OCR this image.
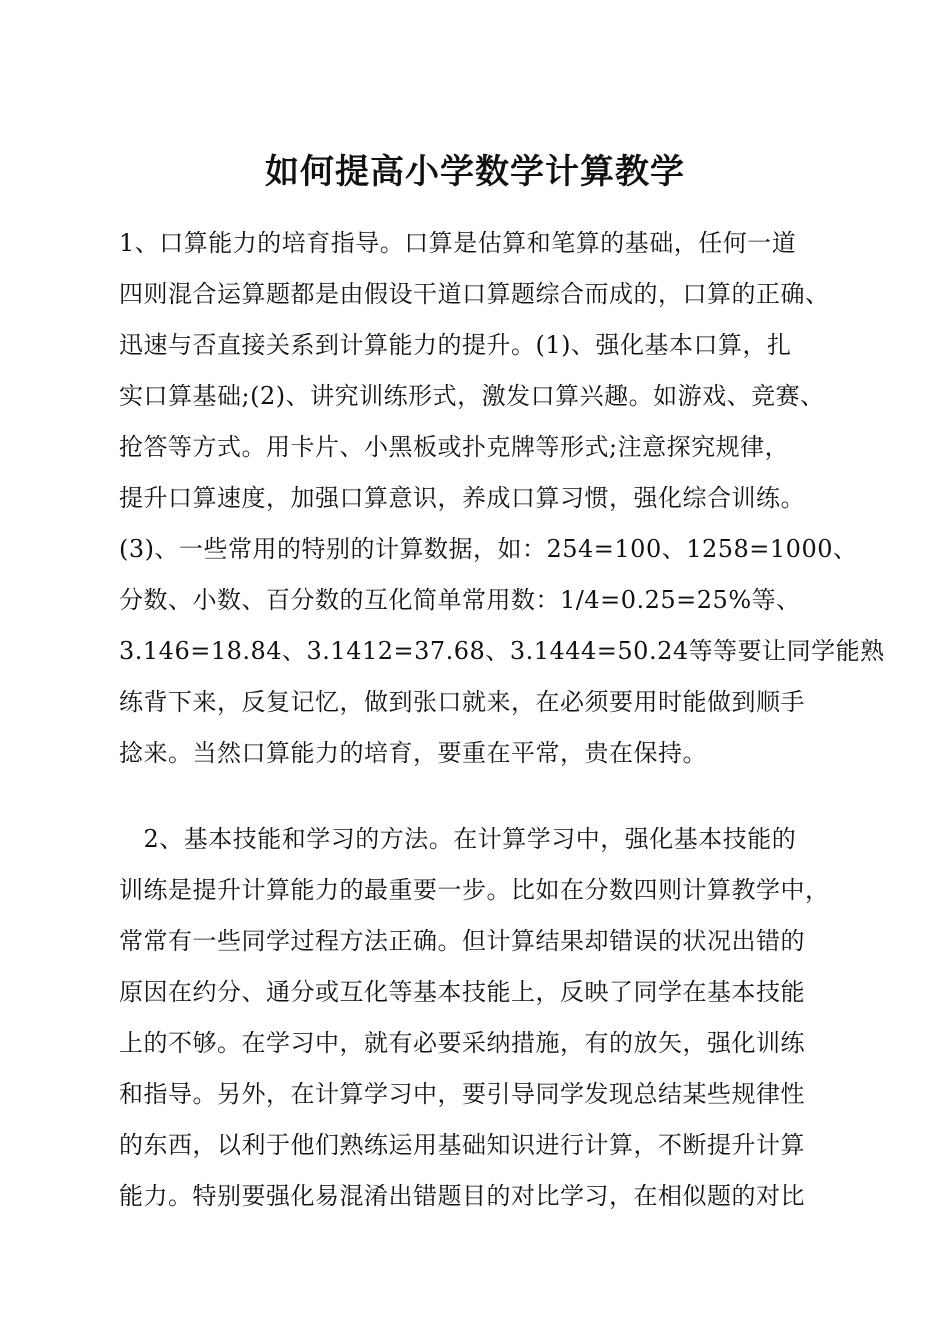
如何提高小学数学计算教学
1、口算能力的培育指导。口算是估算和笔算的基础，任何一道
四则混合运算题都是由假设干道口算题综合而成的，口算的正确、
迅速与否直接关系到计算能力的提升。(1)、强化基本口算，扎
实口算基础;(2)、讲究训练形式，激发口算兴趣。如游戏、竞赛、
抢答等方式。用卡片、小黑板或扑克牌等形式;注意探究规律，
提升口算速度，加强口算意识，养成口算习惯，强化综合训练。
(3)、一些常用的特别的计算数据，如：254=100、1258=1000、
分数、小数、百分数的互化简单常用数：1/4=0.25=25%等、
3.146=18.84、3.1412=37.68、3.1444=50.24等等要让同学能熟
练背下来，反复记忆，做到张口就来，在必须要用时能做到顺手
捻来。当然口算能力的培育，要重在平常，贵在保持。
　2、基本技能和学习的方法。在计算学习中，强化基本技能的
训练是提升计算能力的最重要一步。比如在分数四则计算教学中，
常常有一些同学过程方法正确。但计算结果却错误的状况出错的
原因在约分、通分或互化等基本技能上，反映了同学在基本技能
上的不够。在学习中，就有必要采纳措施，有的放矢，强化训练
和指导。另外，在计算学习中，要引导同学发现总结某些规律性
的东西，以利于他们熟练运用基础知识进行计算，不断提升计算
能力。特别要强化易混淆出错题目的对比学习，在相似题的对比
